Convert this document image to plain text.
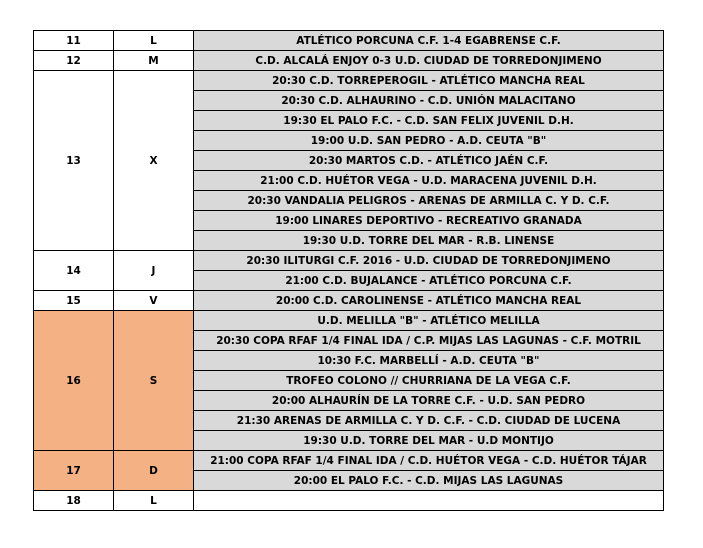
11	L	ATLÉTICO PORCUNA C.F. 1-4 EGABRENSE C.F.
12	M	C.D. ALCALÁ ENJOY 0-3 U.D. CIUDAD DE TORREDONJIMENO
13	X	20:30 C.D. TORREPEROGIL - ATLÉTICO MANCHA REAL
		20:30 C.D. ALHAURINO - C.D. UNIÓN MALACITANO
		19:30 EL PALO F.C. - C.D. SAN FELIX JUVENIL D.H.
		19:00 U.D. SAN PEDRO - A.D. CEUTA "B"
		20:30 MARTOS C.D. - ATLÉTICO JAÉN C.F.
		21:00 C.D. HUÉTOR VEGA - U.D. MARACENA JUVENIL D.H.
		20:30 VANDALIA PELIGROS - ARENAS DE ARMILLA C. Y D. C.F.
		19:00 LINARES DEPORTIVO - RECREATIVO GRANADA
		19:30 U.D. TORRE DEL MAR - R.B. LINENSE
14	J	20:30 ILITURGI C.F. 2016 - U.D. CIUDAD DE TORREDONJIMENO
		21:00 C.D. BUJALANCE - ATLÉTICO PORCUNA C.F.
15	V	20:00 C.D. CAROLINENSE - ATLÉTICO MANCHA REAL
16	S	U.D. MELILLA "B" - ATLÉTICO MELILLA
		20:30 COPA RFAF 1/4 FINAL IDA / C.P. MIJAS LAS LAGUNAS - C.F. MOTRIL
		10:30 F.C. MARBELLÍ - A.D. CEUTA "B"
		TROFEO COLONO // CHURRIANA DE LA VEGA C.F.
		20:00 ALHAURÍN DE LA TORRE C.F. - U.D. SAN PEDRO
		21:30 ARENAS DE ARMILLA C. Y D. C.F. - C.D. CIUDAD DE LUCENA
		19:30 U.D. TORRE DEL MAR - U.D MONTIJO
17	D	21:00 COPA RFAF 1/4 FINAL IDA / C.D. HUÉTOR VEGA - C.D. HUÉTOR TÁJAR
		20:00 EL PALO F.C. - C.D. MIJAS LAS LAGUNAS
18	L	
